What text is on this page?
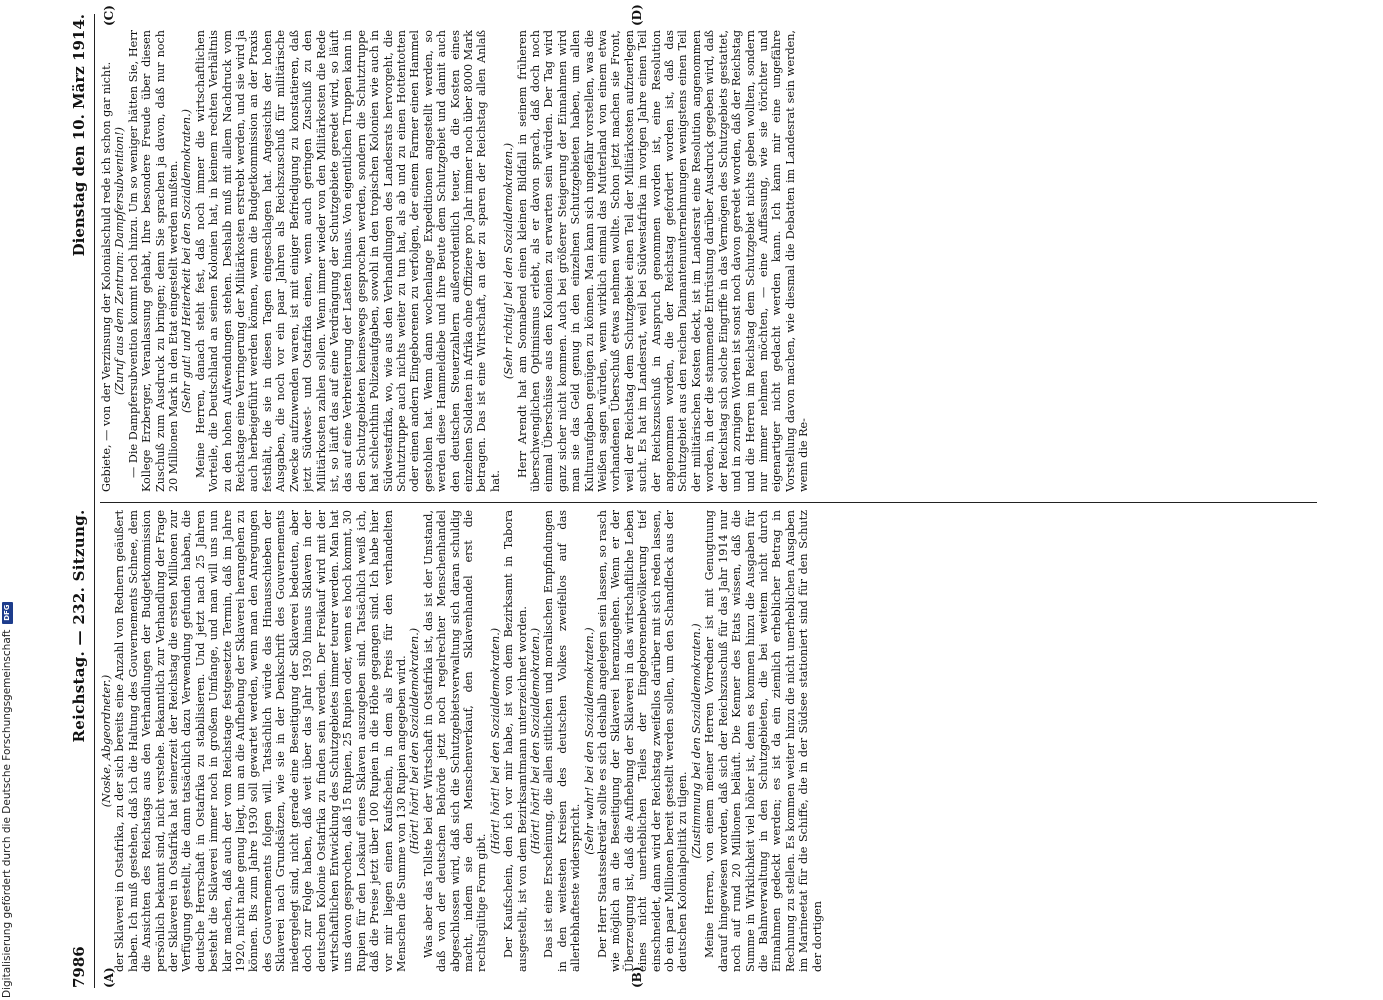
7986
Reichstag. — 232. Sitzung.
Dienstag den 10. März 1914.
(A)	(B)
(C)	(D)

(Noske, Abgeordneter.) der Sklaverei in Ostafrika, zu der sich bereits eine Anzahl von Rednern geäußert haben. Ich muß gestehen, daß ich die Haltung des Gouvernements Schnee, dem die Ansichten des Reichstags aus den Verhandlungen der Budgetkommission persönlich bekannt sind, nicht verstehe. Bekanntlich zur Verhandlung der Frage der Sklaverei in Ostafrika hat seinerzeit der Reichstag die ersten Millionen zur Verfügung gestellt, die dann tatsächlich dazu Verwendung gefunden haben, die deutsche Herrschaft in Ostafrika zu stabilisieren. Und jetzt nach 25 Jahren besteht die Sklaverei immer noch in großem Umfange, und man will uns nun klar machen, daß auch der vom Reichstage festgesetzte Termin, daß im Jahre 1920, nicht nahe genug liegt, um an die Aufhebung der Sklaverei herangehen zu können. Bis zum Jahre 1930 soll gewartet werden, wenn man den Anregungen des Gouvernements folgen will. Tatsächlich würde das Hinausschieben der Sklaverei nach Grundsätzen, wie sie in der Denkschrift des Gouvernements niedergelegt sind, nicht gerade eine Beseitigung der Sklaverei bedeuten, aber doch zur Folge haben, daß weit über das Jahr 1930 hinaus Sklaven in der deutschen Kolonie Ostafrika zu finden sein werden. Der Freikauf wird mit der wirtschaftlichen Entwicklung des Schutzgebietes immer teurer werden. Man hat uns davon gesprochen, daß 15 Rupien, 25 Rupien oder, wenn es hoch kommt, 30 Rupien für den Loskauf eines Sklaven auszugeben sind. Tatsächlich weiß ich, daß die Preise jetzt über 100 Rupien in die Höhe gegangen sind. Ich habe hier vor mir liegen einen Kaufschein, in dem als Preis für den verhandelten Menschen die Summe von 130 Rupien angegeben wird. (Hört! hört! bei den Sozialdemokraten.) Was aber das Tollste bei der Wirtschaft in Ostafrika ist, das ist der Umstand, daß von der deutschen Behörde jetzt noch regelrechter Menschenhandel abgeschlossen wird, daß sich die Schutzgebietsverwaltung sich daran schuldig macht, indem sie den Menschenverkauf, den Sklavenhandel erst die rechtsgültige Form gibt.

(Hört! hört! bei den Sozialdemokraten.) Der Kaufschein, den ich vor mir habe, ist von dem Bezirksamt in Tabora ausgestellt, ist von dem Bezirksamtmann unterzeichnet worden. (Hört! hört! bei den Sozialdemokraten.) Das ist eine Erscheinung, die allen sittlichen und moralischen Empfindungen in den weitesten Kreisen des deutschen Volkes zweifellos auf das allerlebhafteste widerspricht.

(Sehr wahr! bei den Sozialdemokraten.) Der Herr Staatssekretär sollte es sich deshalb angelegen sein lassen, so rasch wie möglich an die Beseitigung der Sklaverei heranzugehen. Wenn er der Überzeugung ist, daß die Aufhebung der Sklaverei in das wirtschaftliche Leben eines nicht unerheblichen Teiles der Eingeborenenbevölkerung tief einschneidet, dann wird der Reichstag zweifellos darüber mit sich reden lassen, ob ein paar Millionen bereit gestellt werden sollen, um den Schandfleck aus der deutschen Kolonialpolitik zu tilgen.

(Zustimmung bei den Sozialdemokraten.) Meine Herren, von einem meiner Herren Vorredner ist mit Genugtuung darauf hingewiesen worden, daß sich der Reichszuschuß für das Jahr 1914 nur noch auf rund 20 Millionen beläuft. Die Kenner des Etats wissen, daß die Summe in Wirklichkeit viel höher ist, denn es kommen hinzu die Ausgaben für die Bahnverwaltung in den Schutzgebieten, die bei weitem nicht durch Einnahmen gedeckt werden; es ist da ein ziemlich erheblicher Betrag in Rechnung zu stellen. Es kommen weiter hinzu die nicht unerheblichen Ausgaben im Marineetat für die Schiffe, die in der Südsee stationiert sind für den Schutz der dortigen

Gebiete, — von der Verzinsung der Kolonialschuld rede ich schon gar nicht. (Zuruf aus dem Zentrum: Dampfersubvention!) — Die Dampfersubvention kommt noch hinzu. Um so weniger hätten Sie, Herr Kollege Erzberger, Veranlassung gehabt, Ihre besondere Freude über diesen Zuschuß zum Ausdruck zu bringen; denn Sie sprachen ja davon, daß nur noch 20 Millionen Mark in den Etat eingestellt werden mußten. (Sehr gut! und Heiterkeit bei den Sozialdemokraten.) Meine Herren, danach steht fest, daß noch immer die wirtschaftlichen Vorteile, die Deutschland an seinen Kolonien hat, in keinem rechten Verhältnis zu den hohen Aufwendungen stehen. Deshalb muß mit allem Nachdruck vom Reichstage eine Verringerung der Militärkosten erstrebt werden, und sie wird ja auch herbeigeführt werden können, wenn die Budgetkommission an der Praxis festhält, die sie in diesen Tagen eingeschlagen hat. Angesichts der hohen Ausgaben, die noch vor ein paar Jahren als Reichszuschuß für militärische Zwecke aufzuwenden waren, ist mit einiger Befriedigung zu konstatieren, daß jetzt Südwest- und Ostafrika einen, wenn auch geringen Zuschuß zu den Militärkosten zahlen sollen. Wenn immer wieder von den Militärkosten die Rede ist, so läuft das auf eine Verdrängung der Schutzgebiete geredet wird, so läuft das auf eine Verbreiterung der Lasten hinaus. Von eigentlichen Truppen kann in den Schutzgebieten keineswegs gesprochen werden, sondern die Schutztruppe hat schlechthin Polizeiaufgaben, sowohl in den tropischen Kolonien wie auch in Südwestafrika, wo, wie aus den Verhandlungen des Landesrats hervorgeht, die Schutztruppe auch nichts weiter zu tun hat, als ab und zu einen Hottentotten oder einen andern Eingeborenen zu verfolgen, der einem Farmer einen Hammel gestohlen hat. Wenn dann wochenlange Expeditionen angestellt werden, so werden diese Hammeldiebe und ihre Beute dem Schutzgebiet und damit auch den deutschen Steuerzahlern außerordentlich teuer, da die Kosten eines einzelnen Soldaten in Afrika ohne Offiziere pro Jahr immer noch über 8000 Mark betragen. Das ist eine Wirtschaft, an der zu sparen der Reichstag allen Anlaß hat.

(Sehr richtig! bei den Sozialdemokraten.) Herr Arendt hat am Sonnabend einen kleinen Bildfall in seinem früheren überschwenglichen Optimismus erlebt, als er davon sprach, daß doch noch einmal Überschüsse aus den Kolonien zu erwarten sein würden. Der Tag wird ganz sicher nicht kommen. Auch bei größerer Steigerung der Einnahmen wird man sie das Geld genug in den einzelnen Schutzgebieten haben, um allen Kulturaufgaben genügen zu können. Man kann sich ungefähr vorstellen, was die Weißen sagen würden, wenn wirklich einmal das Mutterland von einem etwa vorhandenen Überschuß etwas nehmen wollte. Schon jetzt machen sie Front, weil der Reichstag dem Schutzgebiet einen Teil der Militärkosten aufzuerlegen sucht. Es hat im Landesrat, weil bei Südwestafrika im vorigen Jahre einen Teil der Reichszuschuß in Anspruch genommen worden ist, eine Resolution angenommen worden, die der Reichstag gefordert worden ist, daß das Schutzgebiet aus den reichen Diamantenunternehmungen wenigstens einen Teil der militärischen Kosten deckt, ist im Landesrat eine Resolution angenommen worden, in der die stammende Entrüstung darüber Ausdruck gegeben wird, daß der Reichstag sich solche Eingriffe in das Vermögen des Schutzgebiets gestattet, und in zornigen Worten ist sonst noch davon geredet worden, daß der Reichstag und die Herren im Reichstag dem Schutzgebiet nichts geben wollten, sondern nur immer nehmen möchten, — eine Auffassung, wie sie törichter und eigenartiger nicht gedacht werden kann. Ich kann mir eine ungefähre Vorstellung davon machen, wie diesmal die Debatten im Landesrat sein werden, wenn die Re-

Digitalisierung gefördert durch die Deutsche Forschungsgemeinschaft
DFG
